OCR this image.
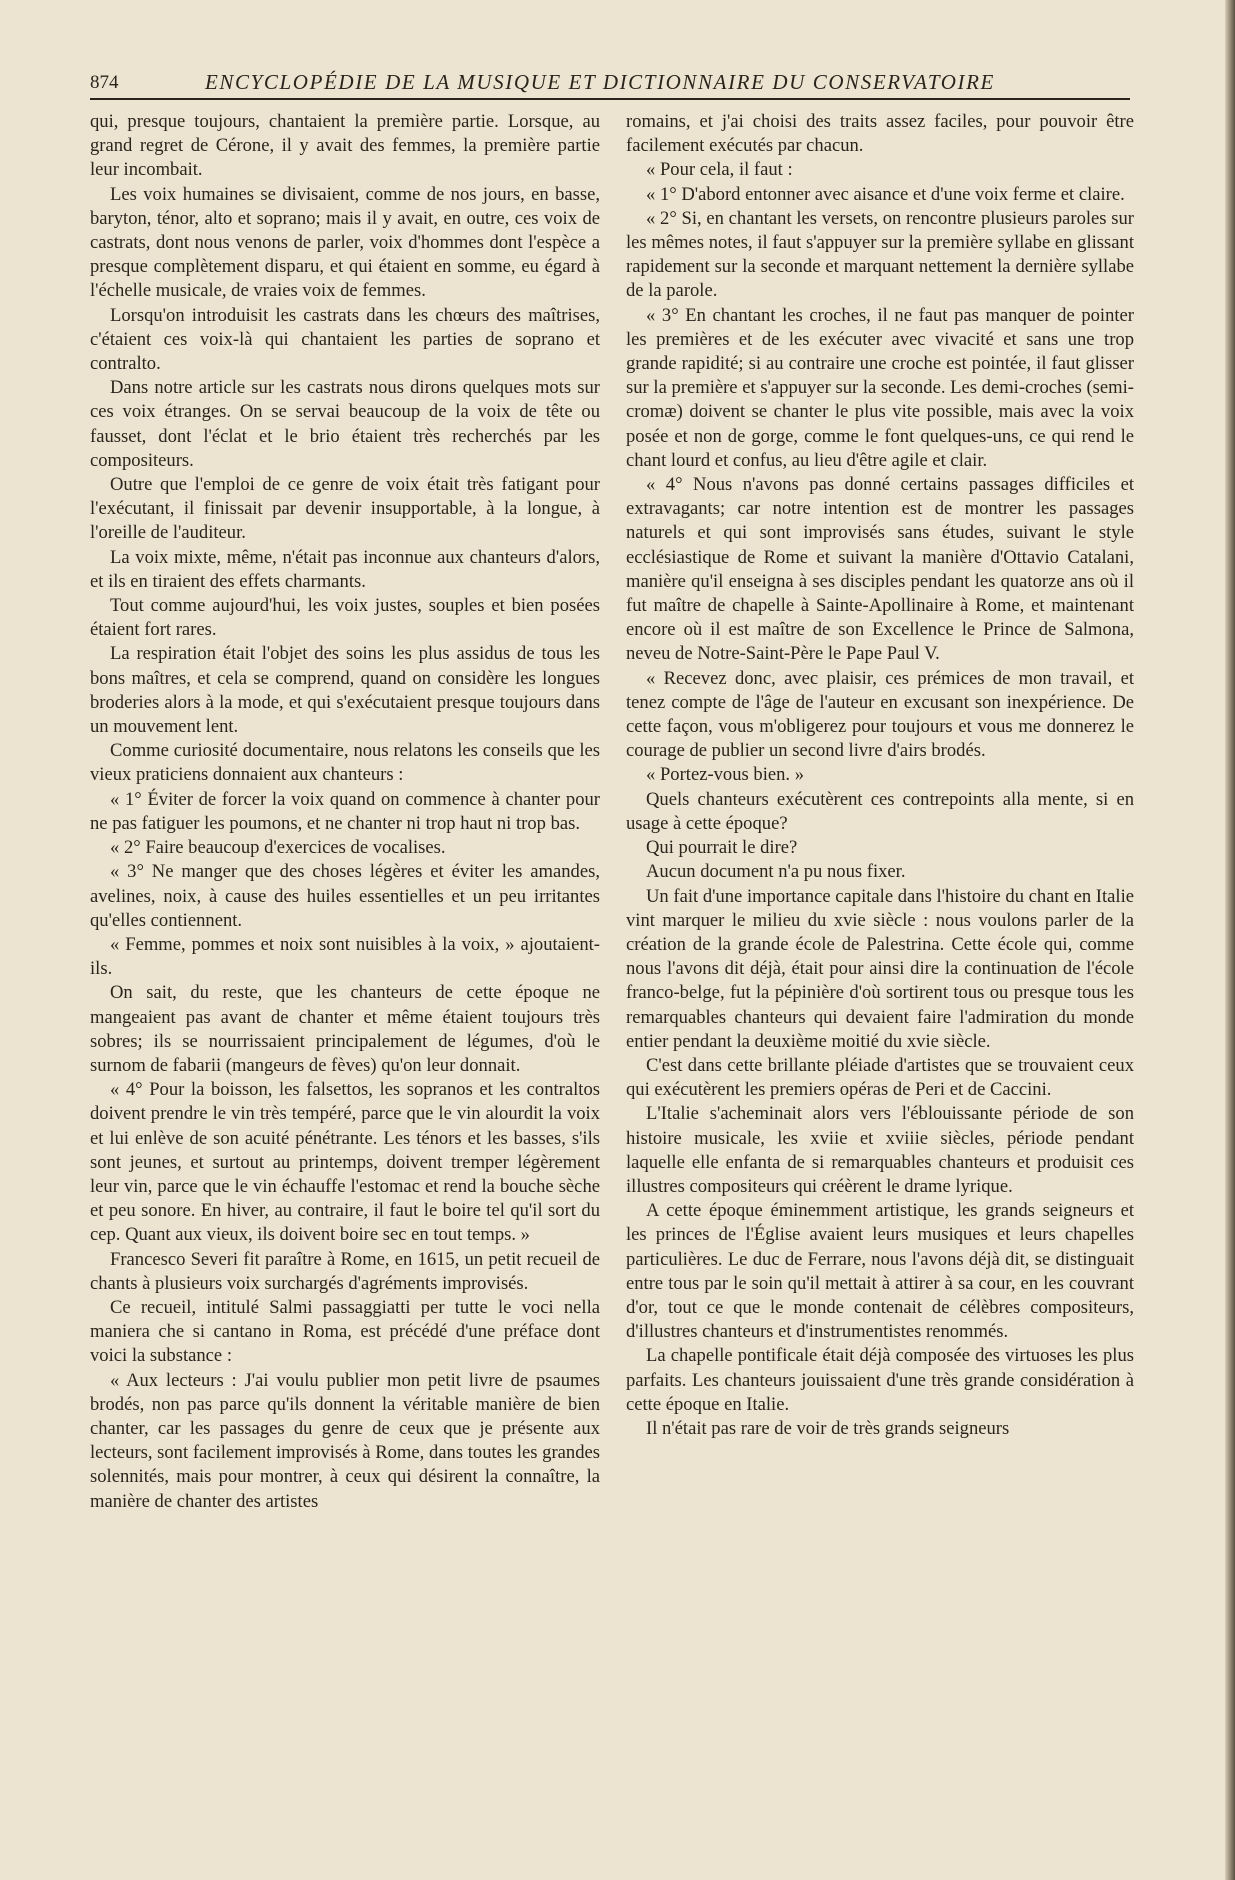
874	ENCYCLOPÉDIE DE LA MUSIQUE ET DICTIONNAIRE DU CONSERVATOIRE

qui, presque toujours, chantaient la première partie. Lorsque, au grand regret de Cérone, il y avait des femmes, la première partie leur incombait.

Les voix humaines se divisaient, comme de nos jours, en basse, baryton, ténor, alto et soprano; mais il y avait, en outre, ces voix de castrats, dont nous venons de parler, voix d'hommes dont l'espèce a presque complètement disparu, et qui étaient en somme, eu égard à l'échelle musicale, de vraies voix de femmes.

Lorsqu'on introduisit les castrats dans les chœurs des maîtrises, c'étaient ces voix-là qui chantaient les parties de soprano et contralto.

Dans notre article sur les castrats nous dirons quelques mots sur ces voix étranges. On se servai beaucoup de la voix de tête ou fausset, dont l'éclat et le brio étaient très recherchés par les compositeurs.

Outre que l'emploi de ce genre de voix était très fatigant pour l'exécutant, il finissait par devenir insupportable, à la longue, à l'oreille de l'auditeur.

La voix mixte, même, n'était pas inconnue aux chanteurs d'alors, et ils en tiraient des effets charmants.

Tout comme aujourd'hui, les voix justes, souples et bien posées étaient fort rares.

La respiration était l'objet des soins les plus assidus de tous les bons maîtres, et cela se comprend, quand on considère les longues broderies alors à la mode, et qui s'exécutaient presque toujours dans un mouvement lent.

Comme curiosité documentaire, nous relatons les conseils que les vieux praticiens donnaient aux chanteurs :

« 1° Éviter de forcer la voix quand on commence à chanter pour ne pas fatiguer les poumons, et ne chanter ni trop haut ni trop bas.

« 2° Faire beaucoup d'exercices de vocalises.

« 3° Ne manger que des choses légères et éviter les amandes, avelines, noix, à cause des huiles essentielles et un peu irritantes qu'elles contiennent.

« Femme, pommes et noix sont nuisibles à la voix, » ajoutaient-ils.

On sait, du reste, que les chanteurs de cette époque ne mangeaient pas avant de chanter et même étaient toujours très sobres; ils se nourrissaient principalement de légumes, d'où le surnom de fabarii (mangeurs de fèves) qu'on leur donnait.

« 4° Pour la boisson, les falsettos, les sopranos et les contraltos doivent prendre le vin très tempéré, parce que le vin alourdit la voix et lui enlève de son acuité pénétrante. Les ténors et les basses, s'ils sont jeunes, et surtout au printemps, doivent tremper légèrement leur vin, parce que le vin échauffe l'estomac et rend la bouche sèche et peu sonore. En hiver, au contraire, il faut le boire tel qu'il sort du cep. Quant aux vieux, ils doivent boire sec en tout temps. »

Francesco Severi fit paraître à Rome, en 1615, un petit recueil de chants à plusieurs voix surchargés d'agréments improvisés.

Ce recueil, intitulé Salmi passaggiatti per tutte le voci nella maniera che si cantano in Roma, est précédé d'une préface dont voici la substance :

« Aux lecteurs : J'ai voulu publier mon petit livre de psaumes brodés, non pas parce qu'ils donnent la véritable manière de bien chanter, car les passages du genre de ceux que je présente aux lecteurs, sont facilement improvisés à Rome, dans toutes les grandes solennités, mais pour montrer, à ceux qui désirent la connaître, la manière de chanter des artistes

romains, et j'ai choisi des traits assez faciles, pour pouvoir être facilement exécutés par chacun.

« Pour cela, il faut :

« 1° D'abord entonner avec aisance et d'une voix ferme et claire.

« 2° Si, en chantant les versets, on rencontre plusieurs paroles sur les mêmes notes, il faut s'appuyer sur la première syllabe en glissant rapidement sur la seconde et marquant nettement la dernière syllabe de la parole.

« 3° En chantant les croches, il ne faut pas manquer de pointer les premières et de les exécuter avec vivacité et sans une trop grande rapidité; si au contraire une croche est pointée, il faut glisser sur la première et s'appuyer sur la seconde. Les demi-croches (semi-cromæ) doivent se chanter le plus vite possible, mais avec la voix posée et non de gorge, comme le font quelques-uns, ce qui rend le chant lourd et confus, au lieu d'être agile et clair.

« 4° Nous n'avons pas donné certains passages difficiles et extravagants; car notre intention est de montrer les passages naturels et qui sont improvisés sans études, suivant le style ecclésiastique de Rome et suivant la manière d'Ottavio Catalani, manière qu'il enseigna à ses disciples pendant les quatorze ans où il fut maître de chapelle à Sainte-Apollinaire à Rome, et maintenant encore où il est maître de son Excellence le Prince de Salmona, neveu de Notre-Saint-Père le Pape Paul V.

« Recevez donc, avec plaisir, ces prémices de mon travail, et tenez compte de l'âge de l'auteur en excusant son inexpérience. De cette façon, vous m'obligerez pour toujours et vous me donnerez le courage de publier un second livre d'airs brodés.

« Portez-vous bien. »

Quels chanteurs exécutèrent ces contrepoints alla mente, si en usage à cette époque?

Qui pourrait le dire?

Aucun document n'a pu nous fixer.

Un fait d'une importance capitale dans l'histoire du chant en Italie vint marquer le milieu du xvie siècle : nous voulons parler de la création de la grande école de Palestrina. Cette école qui, comme nous l'avons dit déjà, était pour ainsi dire la continuation de l'école franco-belge, fut la pépinière d'où sortirent tous ou presque tous les remarquables chanteurs qui devaient faire l'admiration du monde entier pendant la deuxième moitié du xvie siècle.

C'est dans cette brillante pléiade d'artistes que se trouvaient ceux qui exécutèrent les premiers opéras de Peri et de Caccini.

L'Italie s'acheminait alors vers l'éblouissante période de son histoire musicale, les xviie et xviiie siècles, période pendant laquelle elle enfanta de si remarquables chanteurs et produisit ces illustres compositeurs qui créèrent le drame lyrique.

A cette époque éminemment artistique, les grands seigneurs et les princes de l'Église avaient leurs musiques et leurs chapelles particulières. Le duc de Ferrare, nous l'avons déjà dit, se distinguait entre tous par le soin qu'il mettait à attirer à sa cour, en les couvrant d'or, tout ce que le monde contenait de célèbres compositeurs, d'illustres chanteurs et d'instrumentistes renommés.

La chapelle pontificale était déjà composée des virtuoses les plus parfaits. Les chanteurs jouissaient d'une très grande considération à cette époque en Italie.

Il n'était pas rare de voir de très grands seigneurs
